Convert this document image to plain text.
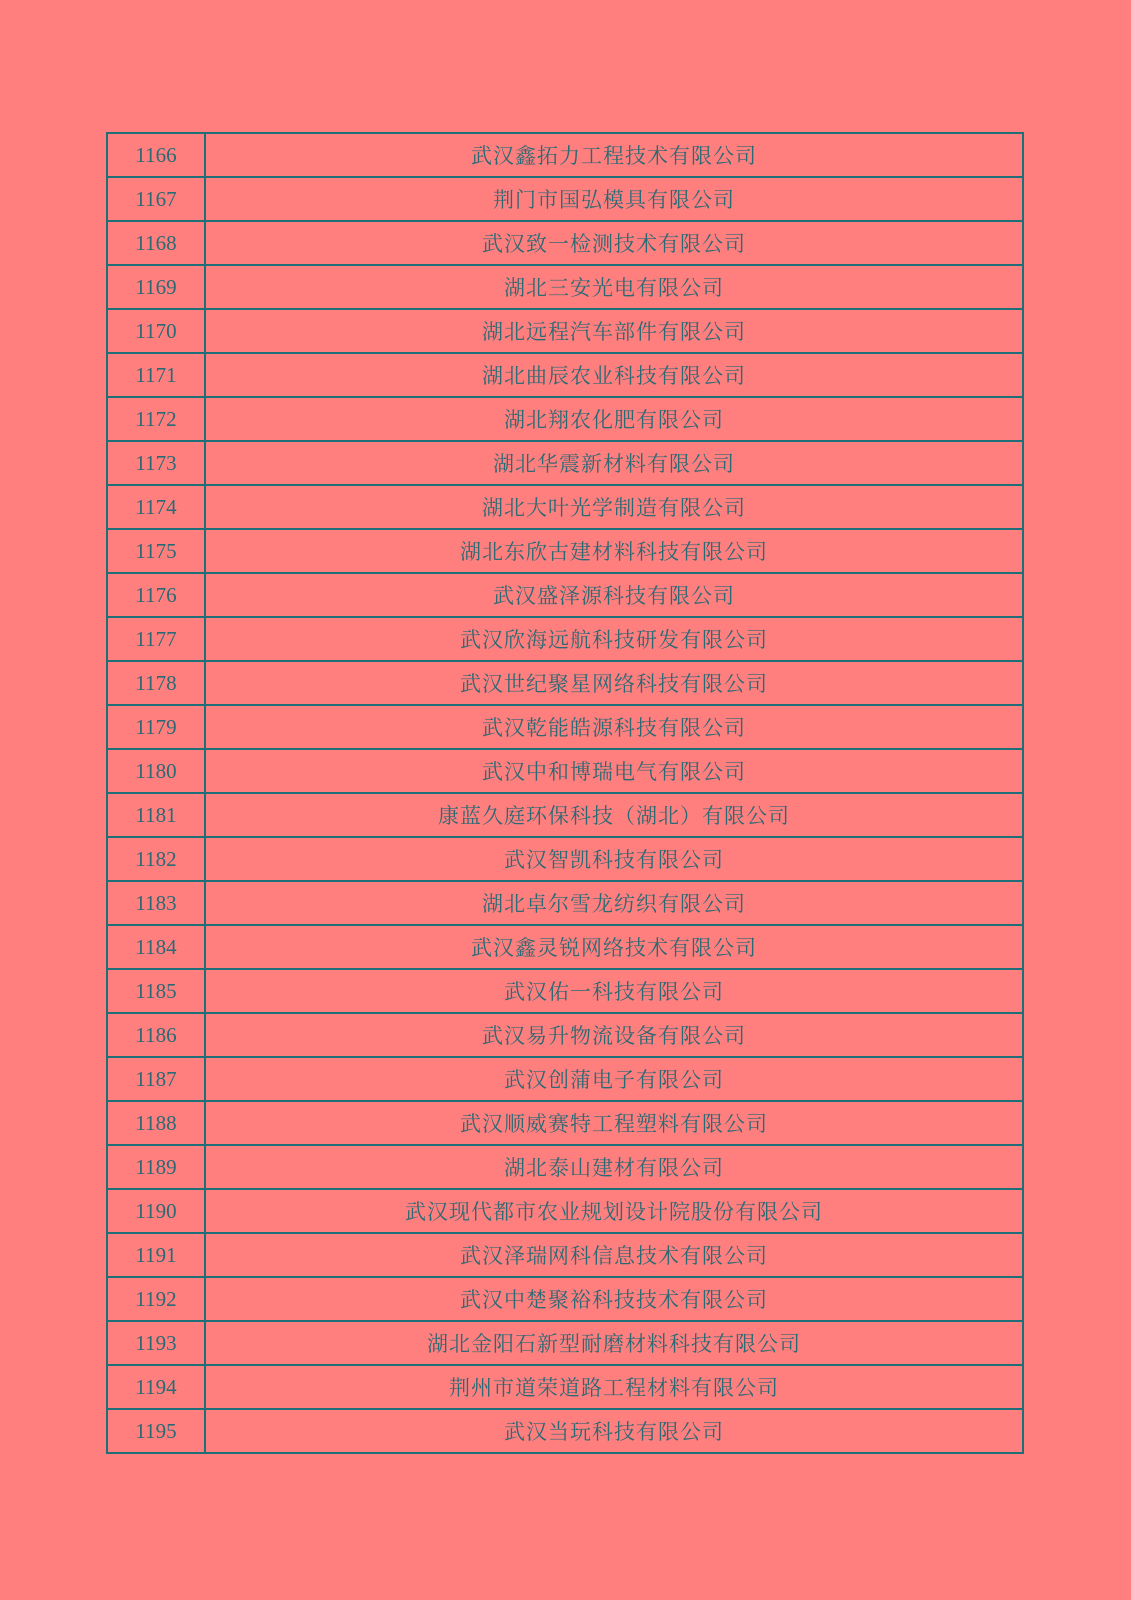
1166	武汉鑫拓力工程技术有限公司
1167	荆门市国弘模具有限公司
1168	武汉致一检测技术有限公司
1169	湖北三安光电有限公司
1170	湖北远程汽车部件有限公司
1171	湖北曲辰农业科技有限公司
1172	湖北翔农化肥有限公司
1173	湖北华震新材料有限公司
1174	湖北大叶光学制造有限公司
1175	湖北东欣古建材料科技有限公司
1176	武汉盛泽源科技有限公司
1177	武汉欣海远航科技研发有限公司
1178	武汉世纪聚星网络科技有限公司
1179	武汉乾能皓源科技有限公司
1180	武汉中和博瑞电气有限公司
1181	康蓝久庭环保科技（湖北）有限公司
1182	武汉智凯科技有限公司
1183	湖北卓尔雪龙纺织有限公司
1184	武汉鑫灵锐网络技术有限公司
1185	武汉佑一科技有限公司
1186	武汉易升物流设备有限公司
1187	武汉创蒲电子有限公司
1188	武汉顺威赛特工程塑料有限公司
1189	湖北泰山建材有限公司
1190	武汉现代都市农业规划设计院股份有限公司
1191	武汉泽瑞网科信息技术有限公司
1192	武汉中楚聚裕科技技术有限公司
1193	湖北金阳石新型耐磨材料科技有限公司
1194	荆州市道荣道路工程材料有限公司
1195	武汉当玩科技有限公司
